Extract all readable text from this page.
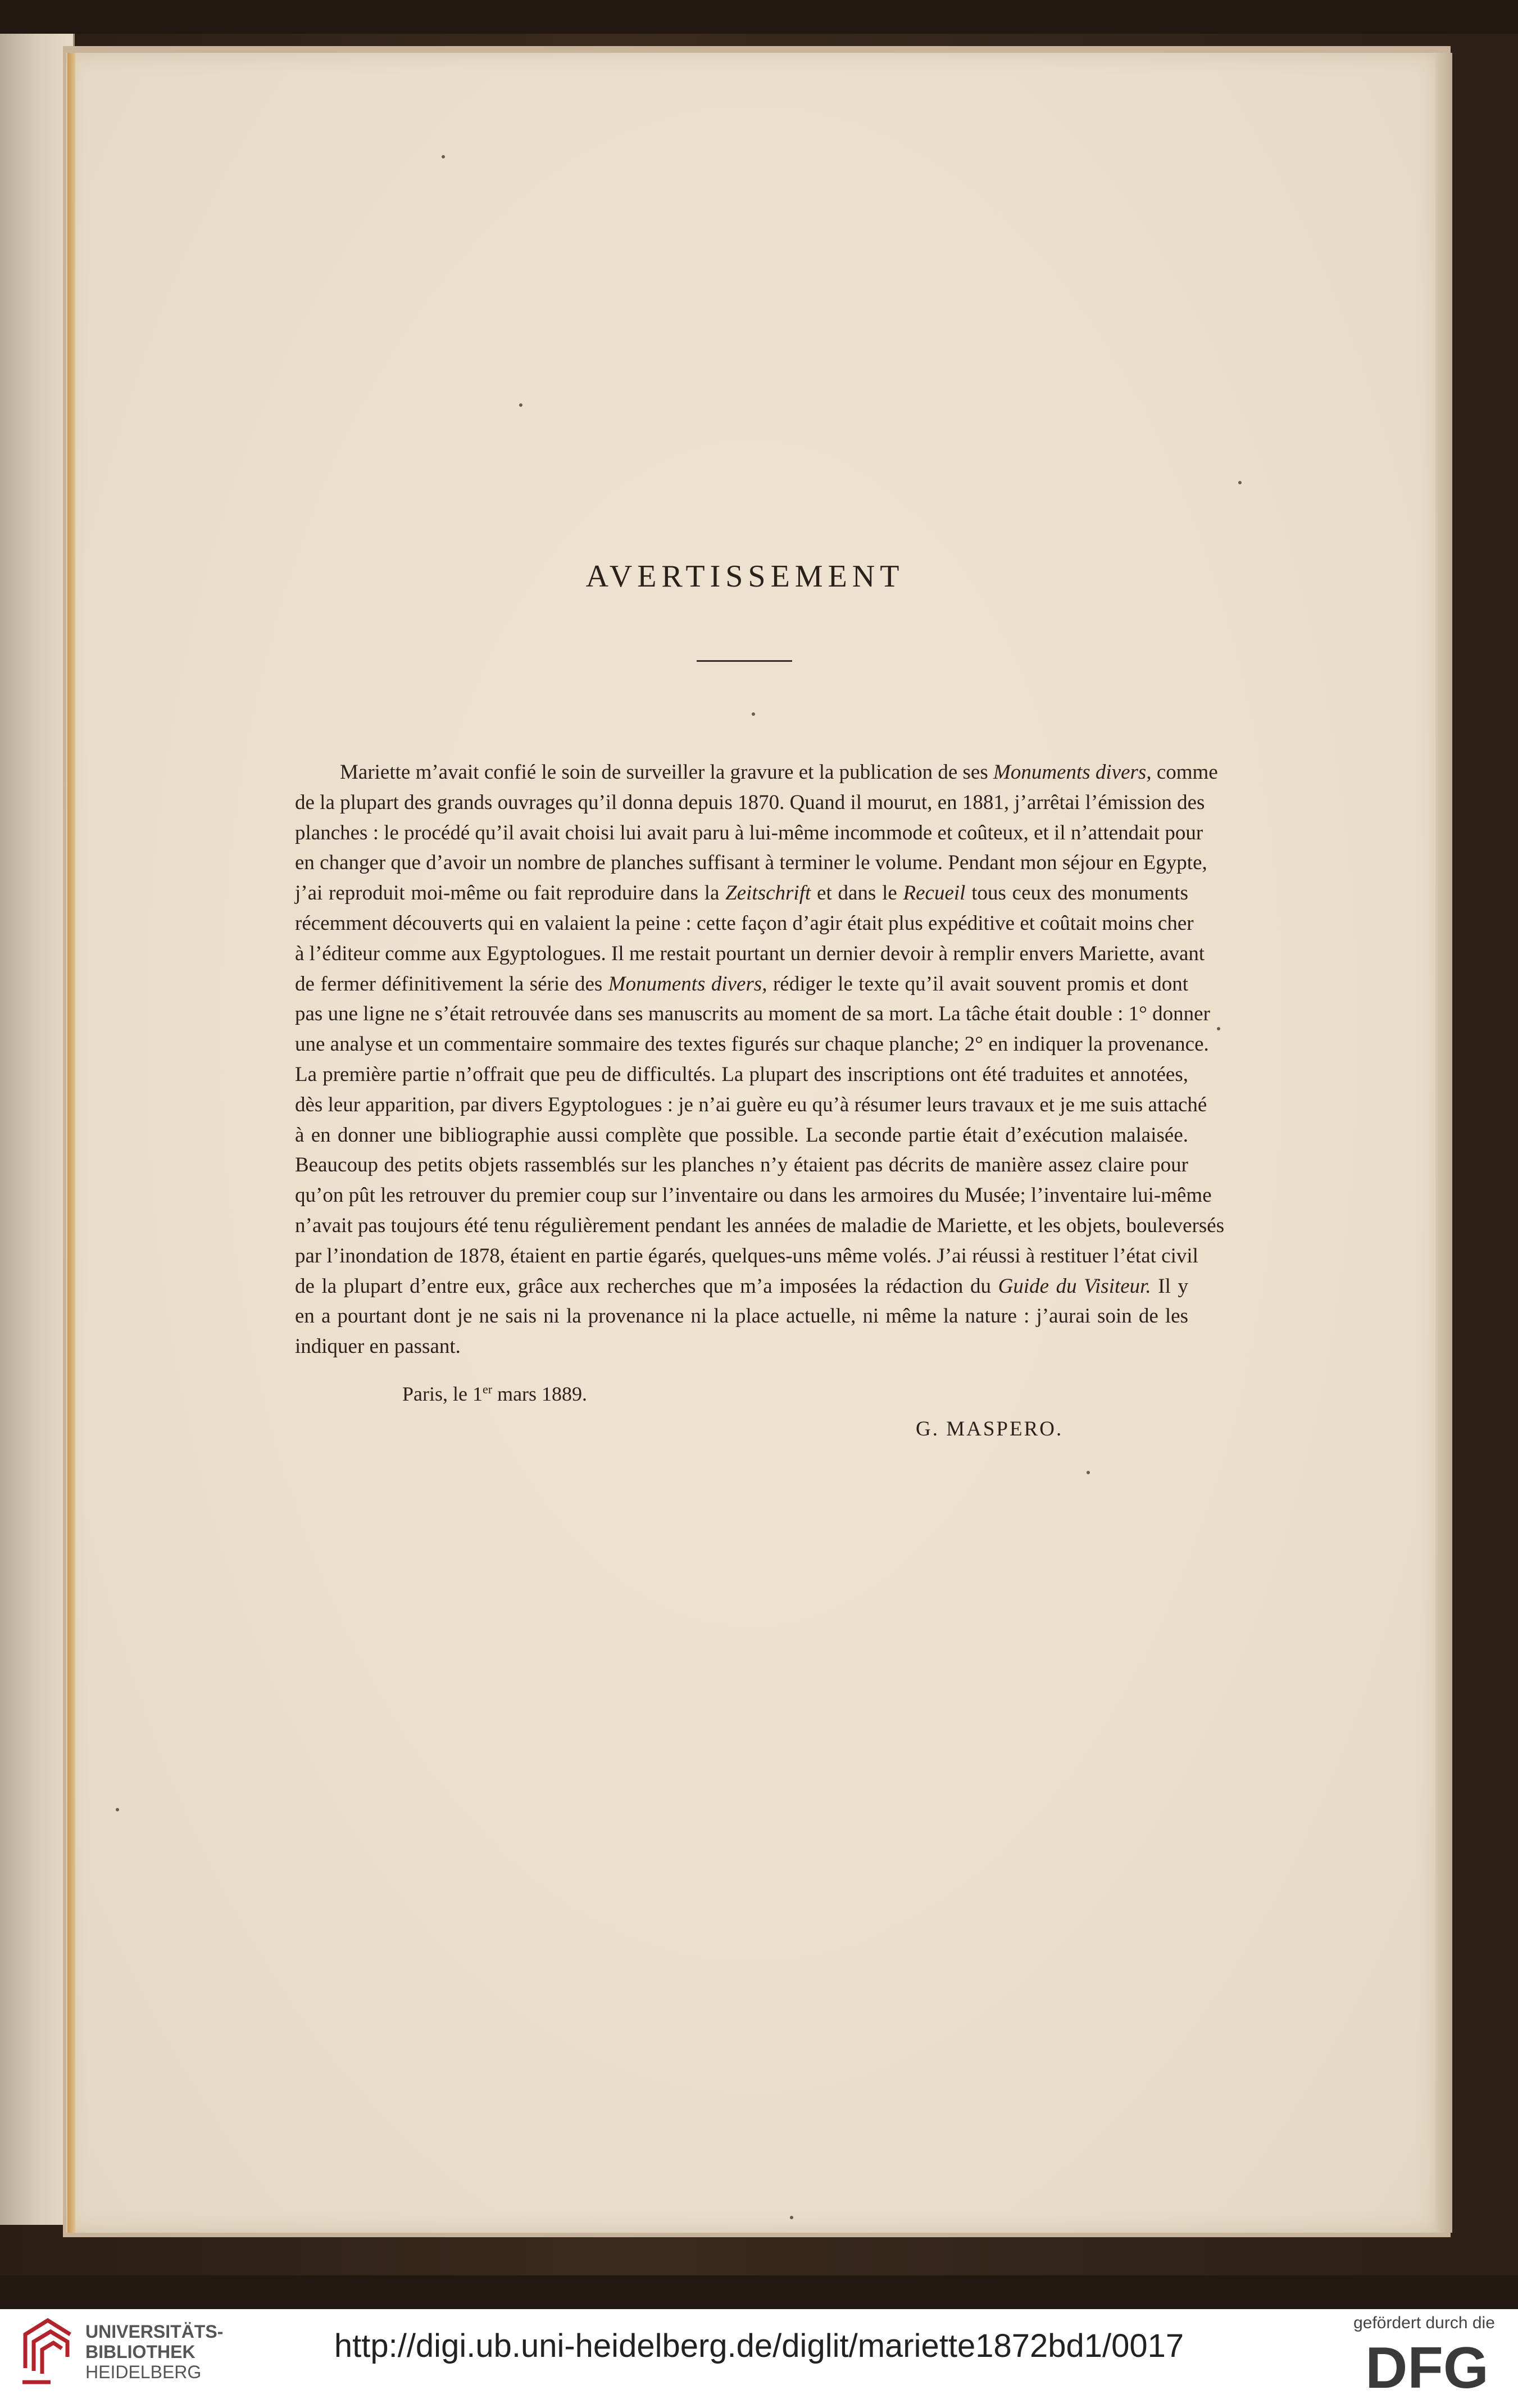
AVERTISSEMENT
Mariette m’avait confié le soin de surveiller la gravure et la publication de ses Monuments divers, comme
de la plupart des grands ouvrages qu’il donna depuis 1870. Quand il mourut, en 1881, j’arrêtai l’émission des
planches : le procédé qu’il avait choisi lui avait paru à lui-même incommode et coûteux, et il n’attendait pour
en changer que d’avoir un nombre de planches suffisant à terminer le volume. Pendant mon séjour en Egypte,
j’ai reproduit moi-même ou fait reproduire dans la Zeitschrift et dans le Recueil tous ceux des monuments
récemment découverts qui en valaient la peine : cette façon d’agir était plus expéditive et coûtait moins cher
à l’éditeur comme aux Egyptologues. Il me restait pourtant un dernier devoir à remplir envers Mariette, avant
de fermer définitivement la série des Monuments divers, rédiger le texte qu’il avait souvent promis et dont
pas une ligne ne s’était retrouvée dans ses manuscrits au moment de sa mort. La tâche était double : 1° donner
une analyse et un commentaire sommaire des textes figurés sur chaque planche; 2° en indiquer la provenance.
La première partie n’offrait que peu de difficultés. La plupart des inscriptions ont été traduites et annotées,
dès leur apparition, par divers Egyptologues : je n’ai guère eu qu’à résumer leurs travaux et je me suis attaché
à en donner une bibliographie aussi complète que possible. La seconde partie était d’exécution malaisée.
Beaucoup des petits objets rassemblés sur les planches n’y étaient pas décrits de manière assez claire pour
qu’on pût les retrouver du premier coup sur l’inventaire ou dans les armoires du Musée; l’inventaire lui-même
n’avait pas toujours été tenu régulièrement pendant les années de maladie de Mariette, et les objets, bouleversés
par l’inondation de 1878, étaient en partie égarés, quelques-uns même volés. J’ai réussi à restituer l’état civil
de la plupart d’entre eux, grâce aux recherches que m’a imposées la rédaction du Guide du Visiteur. Il y
en a pourtant dont je ne sais ni la provenance ni la place actuelle, ni même la nature : j’aurai soin de les
indiquer en passant.
Paris, le 1er mars 1889.
G. MASPERO.
UNIVERSITÄTS-
BIBLIOTHEK
HEIDELBERG
http://digi.ub.uni-heidelberg.de/diglit/mariette1872bd1/0017
gefördert durch die
DFG
